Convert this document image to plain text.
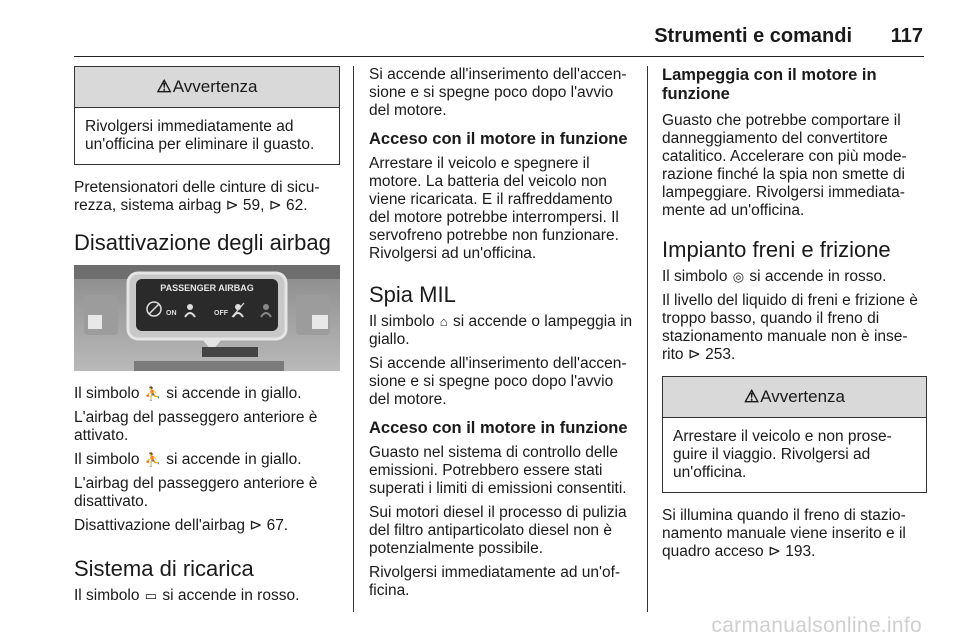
Strumenti e comandi 117
⚠ Avvertenza
Rivolgersi immediatamente ad un'officina per eliminare il guasto.

Pretensionatori delle cinture di sicu-rezza, sistema airbag ⊳ 59, ⊳ 62.

Disattivazione degli airbag
PASSENGER AIRBAG
ON	OFF

Il simbolo ⛹ si accende in giallo.

L'airbag del passeggero anteriore è attivato.

Il simbolo ⛹ si accende in giallo.

L'airbag del passeggero anteriore è disattivato.

Disattivazione dell'airbag ⊳ 67.

Sistema di ricarica

Il simbolo ▭ si accende in rosso.

Si accende all'inserimento dell'accen-sione e si spegne poco dopo l'avvio del motore.

Acceso con il motore in funzione

Arrestare il veicolo e spegnere il motore. La batteria del veicolo non viene ricaricata. E il raffreddamento del motore potrebbe interrompersi. Il servofreno potrebbe non funzionare. Rivolgersi ad un'officina.

Spia MIL

Il simbolo ⌂ si accende o lampeggia in giallo.

Si accende all'inserimento dell'accen-sione e si spegne poco dopo l'avvio del motore.

Acceso con il motore in funzione

Guasto nel sistema di controllo delle emissioni. Potrebbero essere stati superati i limiti di emissioni consentiti.

Sui motori diesel il processo di pulizia del filtro antiparticolato diesel non è potenzialmente possibile.

Rivolgersi immediatamente ad un'of-ficina.

Lampeggia con il motore in funzione

Guasto che potrebbe comportare il danneggiamento del convertitore catalitico. Accelerare con più mode-razione finché la spia non smette di lampeggiare. Rivolgersi immediata-mente ad un'officina.

Impianto freni e frizione

Il simbolo ◎ si accende in rosso.

Il livello del liquido di freni e frizione è troppo basso, quando il freno di stazionamento manuale non è inse-rito ⊳ 253.

⚠ Avvertenza
Arrestare il veicolo e non prose-guire il viaggio. Rivolgersi ad un'officina.

Si illumina quando il freno di stazio-namento manuale viene inserito e il quadro acceso ⊳ 193.

carmanualsonline.info
